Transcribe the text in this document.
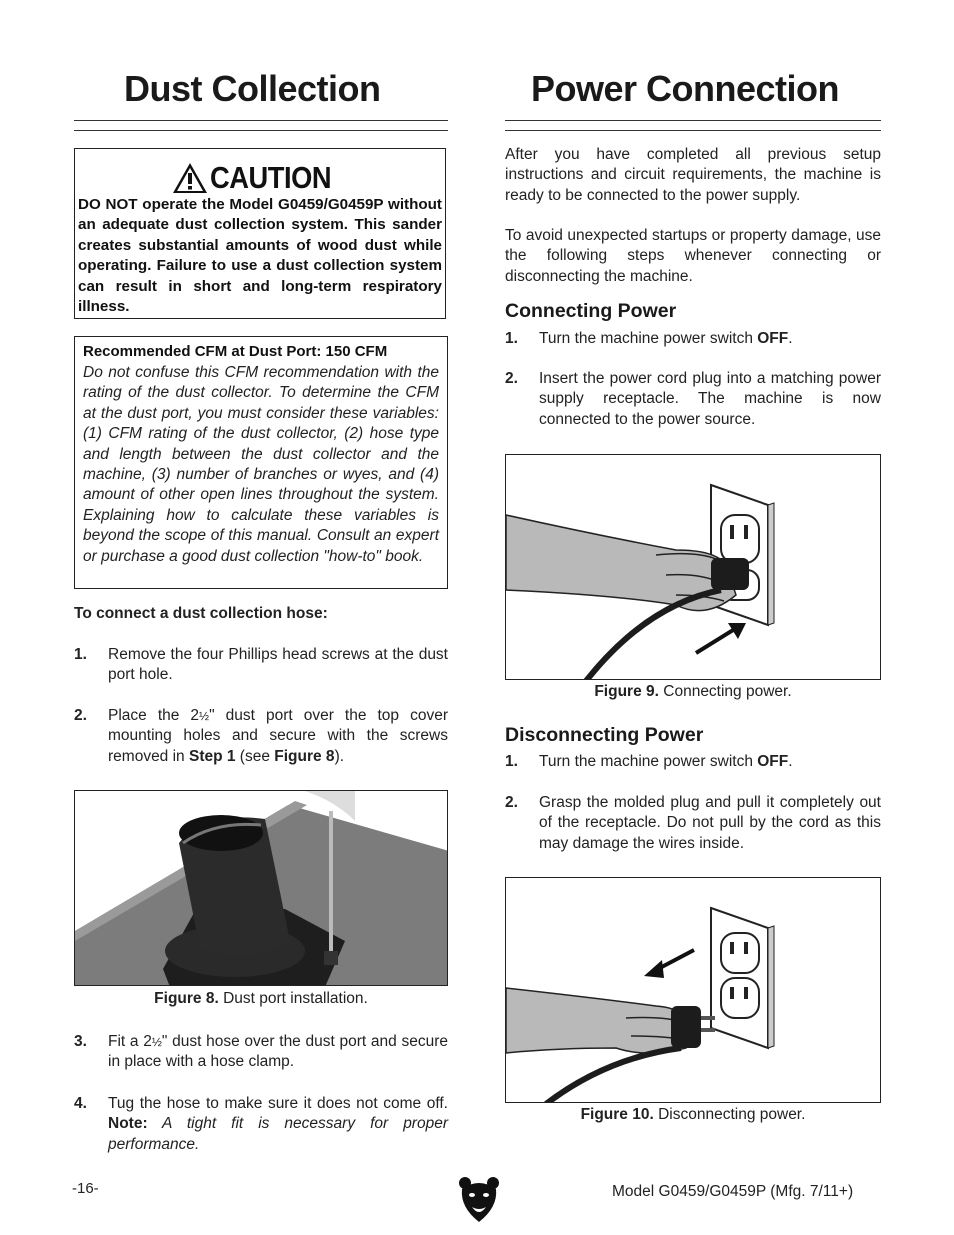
Dust Collection
CAUTION
DO NOT operate the Model G0459/G0459P without an adequate dust collection system. This sander creates substantial amounts of wood dust while operating. Failure to use a dust collection system can result in short and long-term respiratory illness.
Recommended CFM at Dust Port: 150 CFM
Do not confuse this CFM recommendation with the rating of the dust collector. To determine the CFM at the dust port, you must consider these variables: (1) CFM rating of the dust collector, (2) hose type and length between the dust collector and the machine, (3) number of branches or wyes, and (4) amount of other open lines throughout the system. Explaining how to calculate these variables is beyond the scope of this manual. Consult an expert or purchase a good dust collection "how-to" book.
To connect a dust collection hose:
1. Remove the four Phillips head screws at the dust port hole.
2. Place the 2½" dust port over the top cover mounting holes and secure with the screws removed in Step 1 (see Figure 8).
Figure 8. Dust port installation.
3. Fit a 2½" dust hose over the dust port and secure in place with a hose clamp.
4. Tug the hose to make sure it does not come off. Note: A tight fit is necessary for proper performance.
Power Connection
After you have completed all previous setup instructions and circuit requirements, the machine is ready to be connected to the power supply.
To avoid unexpected startups or property damage, use the following steps whenever connecting or disconnecting the machine.
Connecting Power
1. Turn the machine power switch OFF.
2. Insert the power cord plug into a matching power supply receptacle. The machine is now connected to the power source.
Figure 9. Connecting power.
Disconnecting Power
1. Turn the machine power switch OFF.
2. Grasp the molded plug and pull it completely out of the receptacle. Do not pull by the cord as this may damage the wires inside.
Figure 10. Disconnecting power.
-16-	Model G0459/G0459P (Mfg. 7/11+)
